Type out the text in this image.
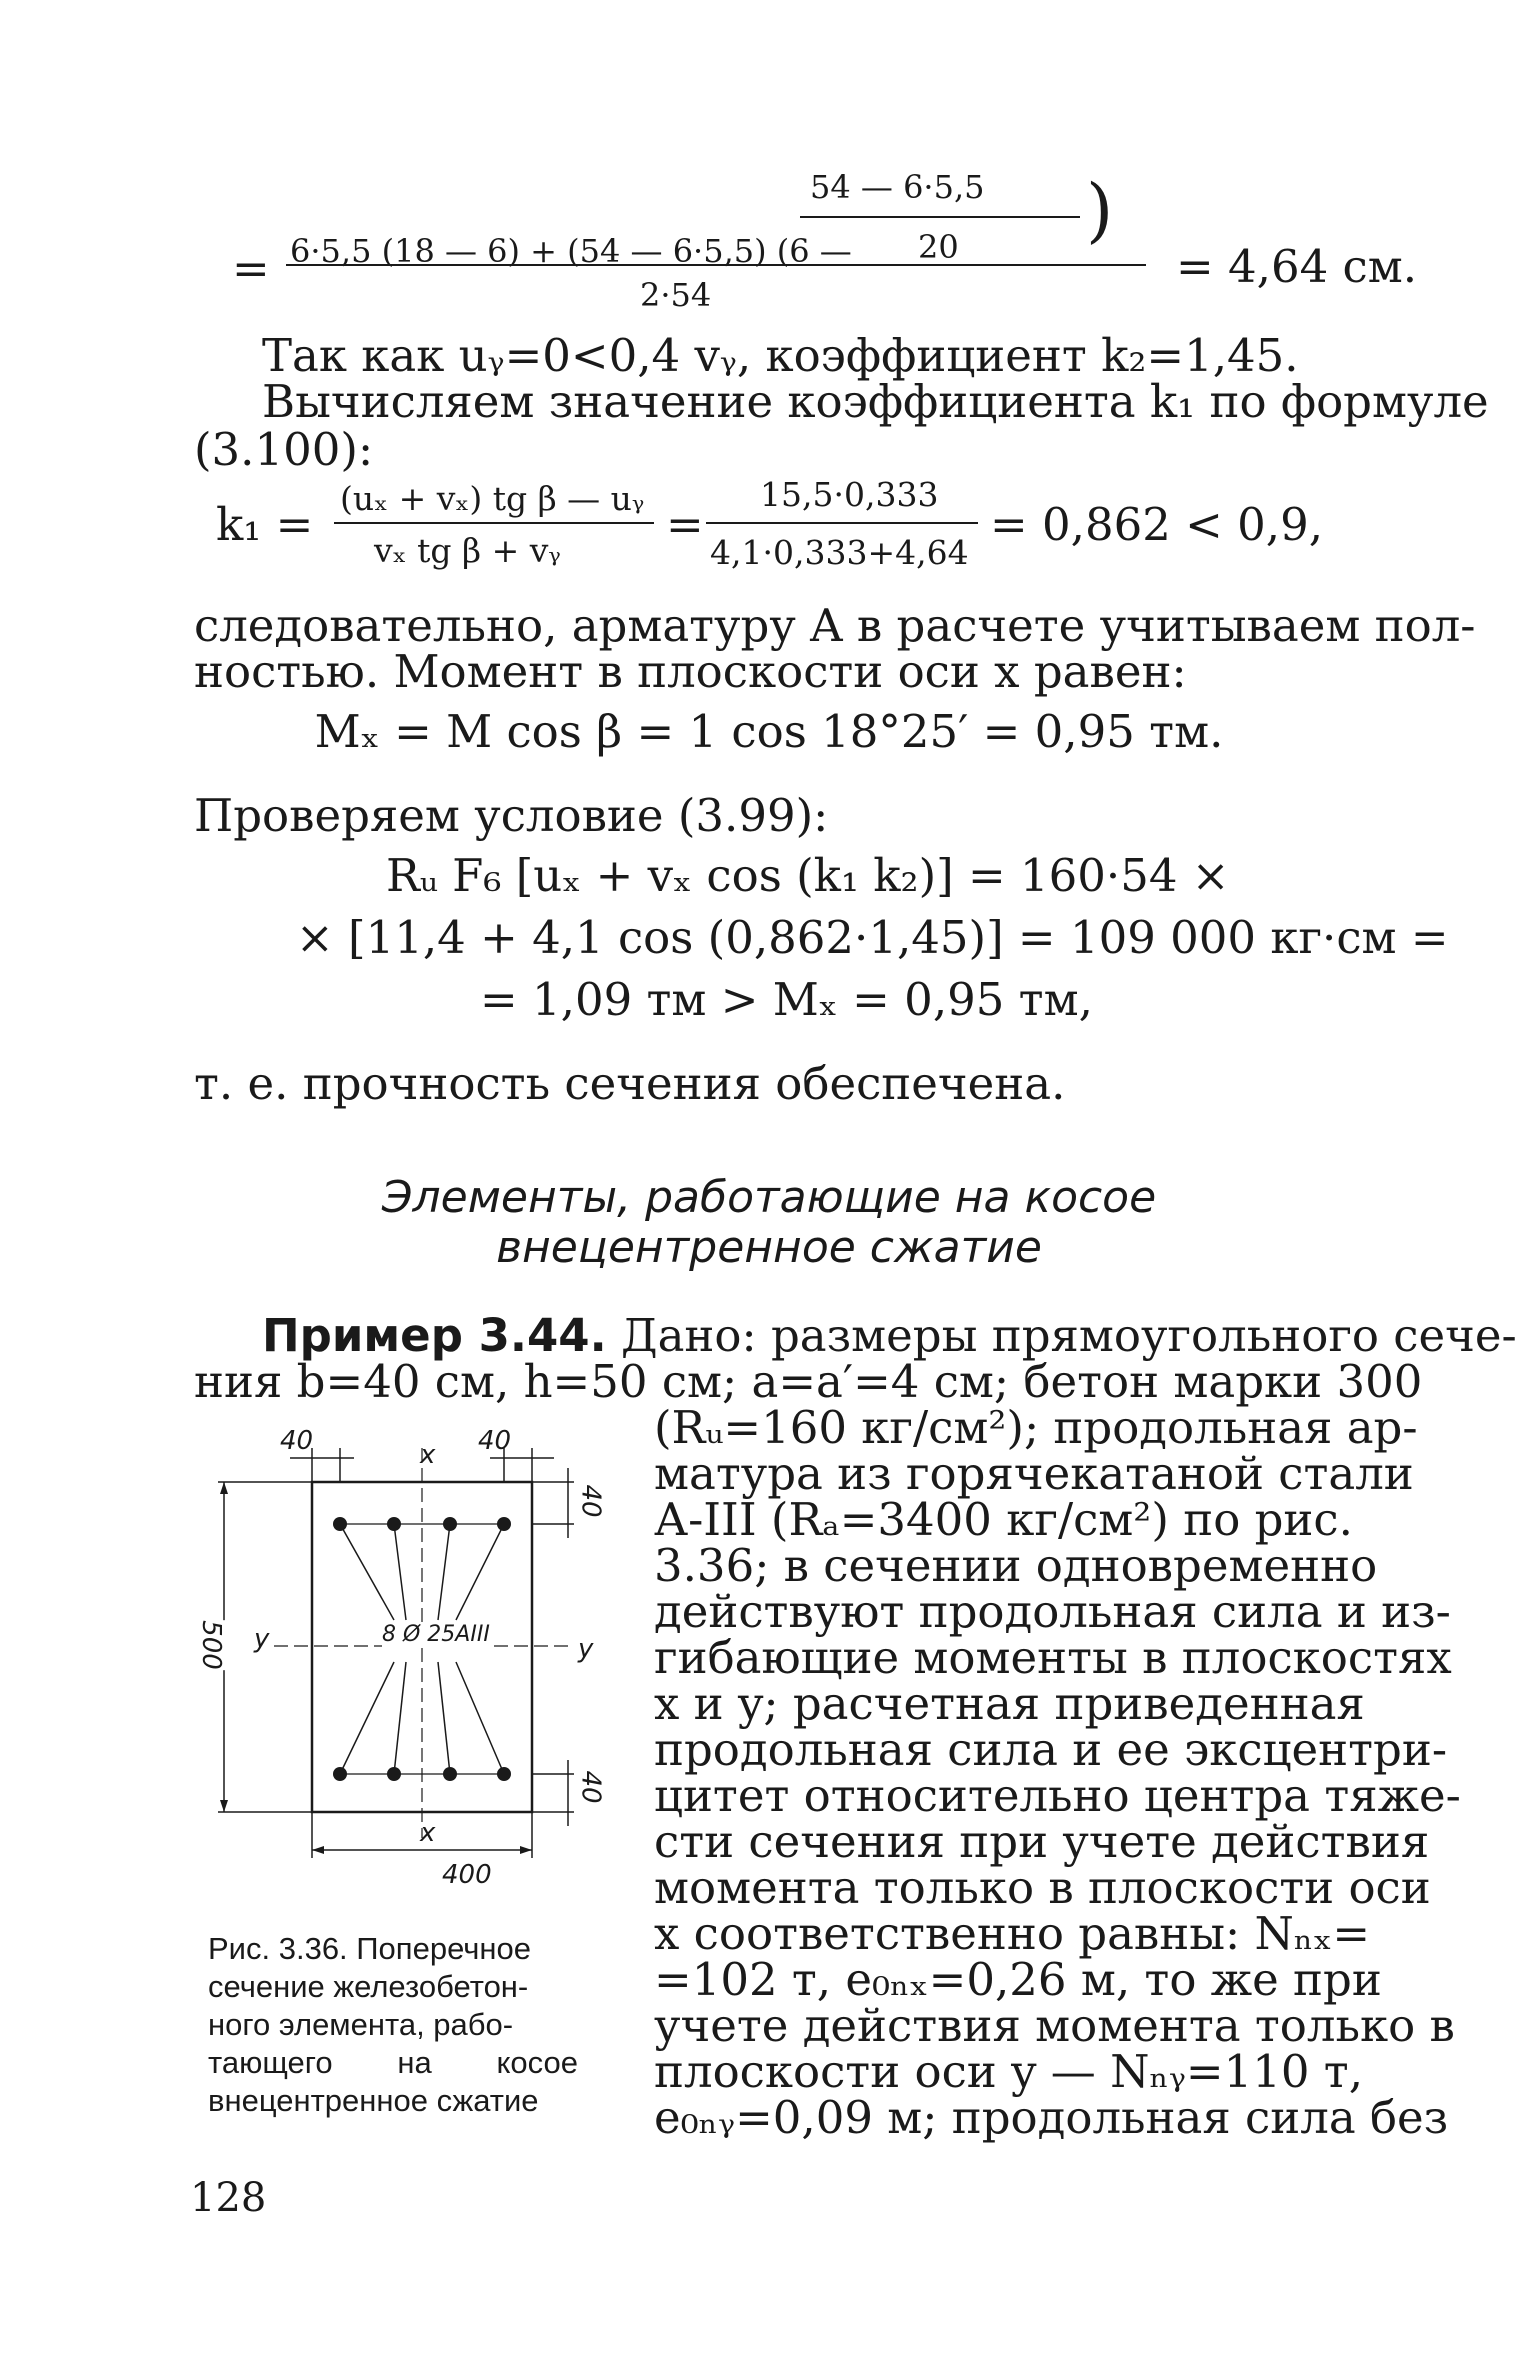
6·5,5 (18 — 6) + (54 — 6·5,5) (6 —
54 — 6·5,5
20 )
=	2·54
= 4,64 см.
Так как uᵧ=0<0,4 vᵧ, коэффициент k₂=1,45.
Вычисляем значение коэффициента k₁ по формуле
(3.100):
k₁ = (uₓ + vₓ) tg β — uᵧ
vₓ tg β + vᵧ =
15,5·0,333
4,1·0,333+4,64
= 0,862 < 0,9,
следовательно, арматуру A в расчете учитываем пол-
ностью. Момент в плоскости оси x равен:
Mₓ = M cos β = 1 cos 18°25′ = 0,95 тм.
Проверяем условие (3.99):
Rᵤ F₆ [uₓ + vₓ cos (k₁ k₂)] = 160·54 ×
× [11,4 + 4,1 cos (0,862·1,45)] = 109 000 кг·см =
= 1,09 тм > Mₓ = 0,95 тм,
т. е. прочность сечения обеспечена.
Элементы, работающие на косое
внецентренное сжатие
Пример 3.44. Дано: размеры прямоугольного сече-
ния b=40 см, h=50 см; a=a′=4 см; бетон марки 300
(Rᵤ=160 кг/см²); продольная ар-
матура из горячекатаной стали
А-III (Rₐ=3400 кг/см²) по рис.
3.36; в сечении одновременно
действуют продольная сила и из-
гибающие моменты в плоскостях
x и y; расчетная приведенная
продольная сила и ее эксцентри-
цитет относительно центра тяже-
сти сечения при учете действия
момента только в плоскости оси
x соответственно равны: Nₙₓ=
=102 т, e₀ₙₓ=0,26 м, то же при
учете действия момента только в
плоскости оси y — Nₙᵧ=110 т,
e₀ₙᵧ=0,09 м; продольная сила без
40	40
x
40
8 Ø 25AIII
y	y
500
40
x
400
Рис. 3.36. Поперечное
сечение железобетон-
ного элемента, рабо-
тающего на косое
внецентренное сжатие
128
